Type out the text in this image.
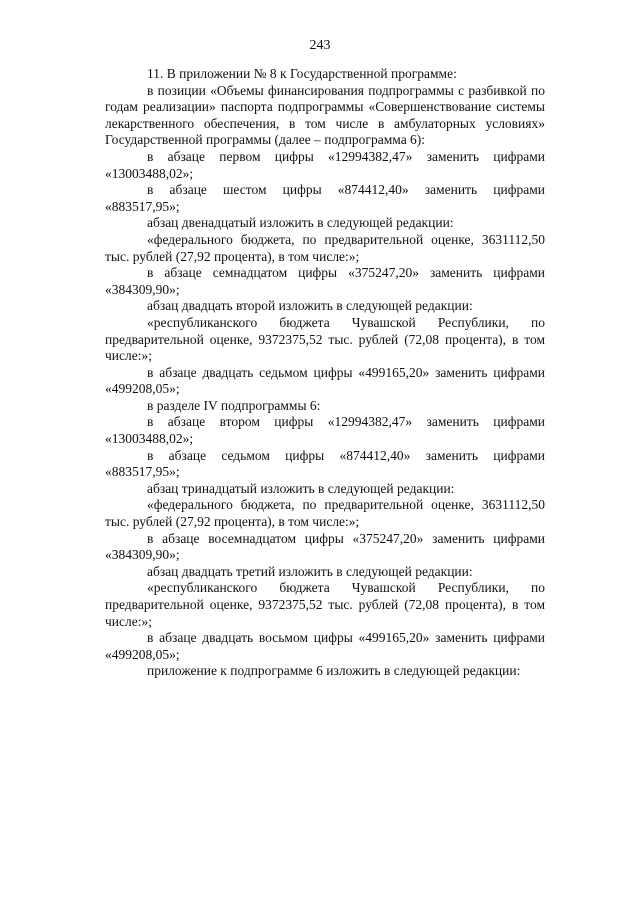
243

11. В приложении № 8 к Государственной программе:

в позиции «Объемы финансирования подпрограммы с разбивкой по годам реализации» паспорта подпрограммы «Совершенствование системы лекарственного обеспечения, в том числе в амбулаторных условиях» Государственной программы (далее – подпрограмма 6):

в абзаце первом цифры «12994382,47» заменить цифрами «13003488,02»;

в абзаце шестом цифры «874412,40» заменить цифрами «883517,95»;

абзац двенадцатый изложить в следующей редакции:

«федерального бюджета, по предварительной оценке, 3631112,50 тыс. рублей (27,92 процента), в том числе:»;

в абзаце семнадцатом цифры «375247,20» заменить цифрами «384309,90»;

абзац двадцать второй изложить в следующей редакции:

«республиканского бюджета Чувашской Республики, по предварительной оценке, 9372375,52 тыс. рублей (72,08 процента), в том числе:»;

в абзаце двадцать седьмом цифры «499165,20» заменить цифрами «499208,05»;

в разделе IV подпрограммы 6:

в абзаце втором цифры «12994382,47» заменить цифрами «13003488,02»;

в абзаце седьмом цифры «874412,40» заменить цифрами «883517,95»;

абзац тринадцатый изложить в следующей редакции:

«федерального бюджета, по предварительной оценке, 3631112,50 тыс. рублей (27,92 процента), в том числе:»;

в абзаце восемнадцатом цифры «375247,20» заменить цифрами «384309,90»;

абзац двадцать третий изложить в следующей редакции:

«республиканского бюджета Чувашской Республики, по предварительной оценке, 9372375,52 тыс. рублей (72,08 процента), в том числе:»;

в абзаце двадцать восьмом цифры «499165,20» заменить цифрами «499208,05»;

приложение к подпрограмме 6 изложить в следующей редакции:
